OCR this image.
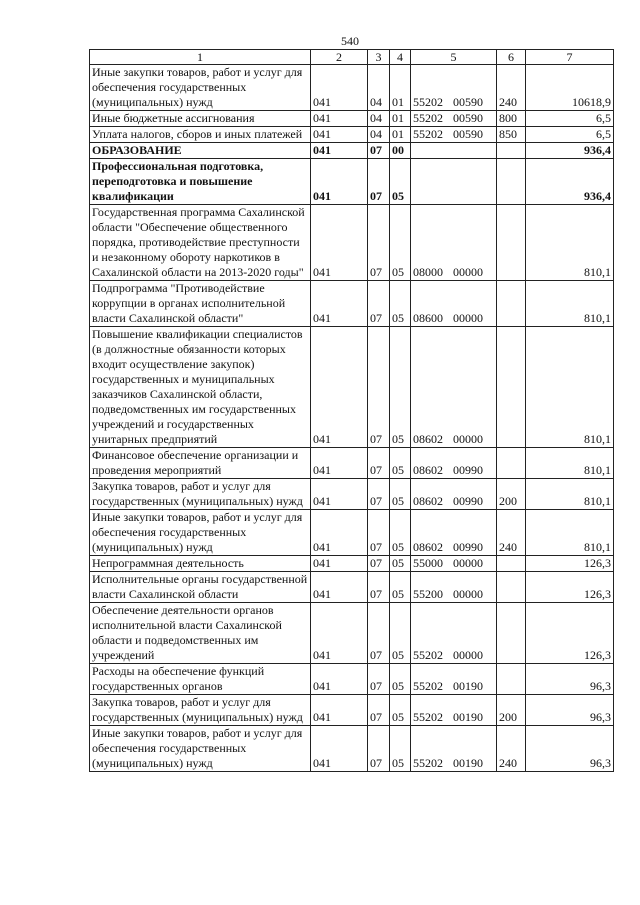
540
1	2	3	4	5	6	7
Иные закупки товаров, работ и услуг для обеспечения государственных (муниципальных) нужд	041	04	01	55202 00590	240	10618,9
Иные бюджетные ассигнования	041	04	01	55202 00590	800	6,5
Уплата налогов, сборов и иных платежей	041	04	01	55202 00590	850	6,5
ОБРАЗОВАНИЕ	041	07	00			936,4
Профессиональная подготовка, переподготовка и повышение квалификации	041	07	05			936,4
Государственная программа Сахалинской области "Обеспечение общественного порядка, противодействие преступности и незаконному обороту наркотиков в Сахалинской области на 2013-2020 годы"	041	07	05	08000 00000		810,1
Подпрограмма "Противодействие коррупции в органах исполнительной власти Сахалинской области"	041	07	05	08600 00000		810,1
Повышение квалификации специалистов (в должностные обязанности которых входит осуществление закупок) государственных и муниципальных заказчиков Сахалинской области, подведомственных им государственных учреждений и государственных унитарных предприятий	041	07	05	08602 00000		810,1
Финансовое обеспечение организации и проведения мероприятий	041	07	05	08602 00990		810,1
Закупка товаров, работ и услуг для государственных (муниципальных) нужд	041	07	05	08602 00990	200	810,1
Иные закупки товаров, работ и услуг для обеспечения государственных (муниципальных) нужд	041	07	05	08602 00990	240	810,1
Непрограммная деятельность	041	07	05	55000 00000		126,3
Исполнительные органы государственной власти Сахалинской области	041	07	05	55200 00000		126,3
Обеспечение деятельности органов исполнительной власти Сахалинской области и подведомственных им учреждений	041	07	05	55202 00000		126,3
Расходы на обеспечение функций государственных органов	041	07	05	55202 00190		96,3
Закупка товаров, работ и услуг для государственных (муниципальных) нужд	041	07	05	55202 00190	200	96,3
Иные закупки товаров, работ и услуг для обеспечения государственных (муниципальных) нужд	041	07	05	55202 00190	240	96,3
